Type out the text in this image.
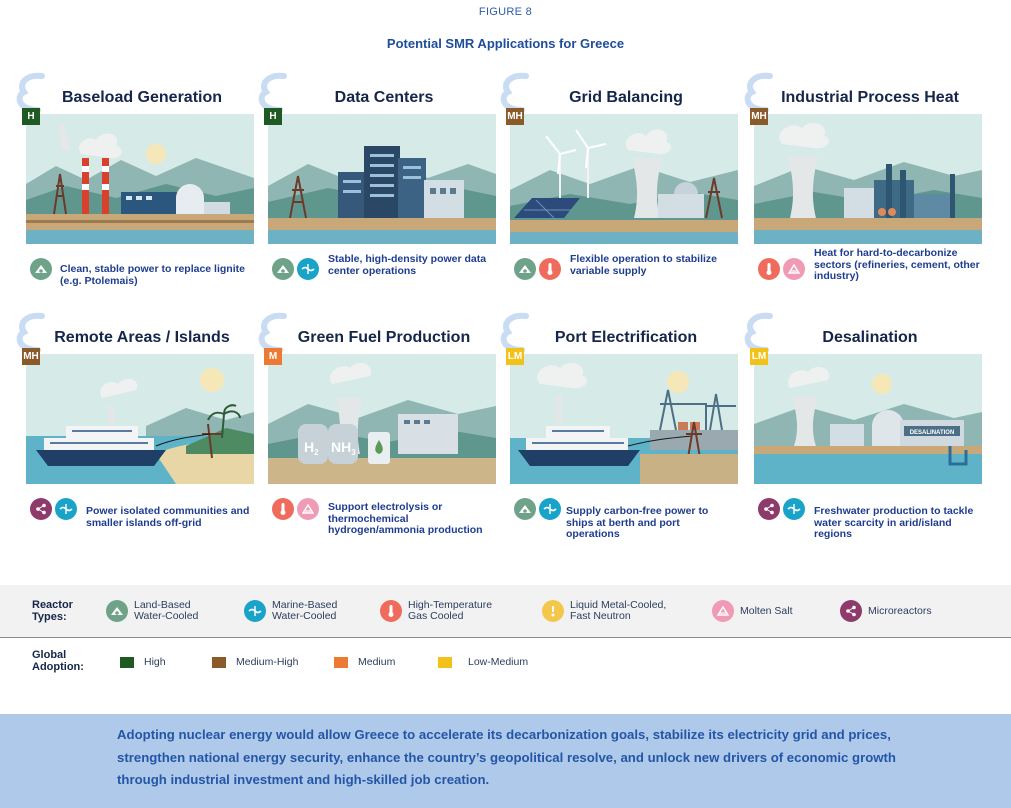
FIGURE 8
Potential SMR Applications for Greece
Baseload Generation
H
Clean, stable power to replace lignite (e.g. Ptolemais)
Data Centers
H
Stable, high-density power data center operations
Grid Balancing
MH
Flexible operation to stabilize variable supply
Industrial Process Heat
MH
Heat for hard-to-decarbonize sectors (refineries, cement, other industry)
Remote Areas / Islands
MH
Power isolated communities and smaller islands off-grid
Green Fuel Production
$H_2$ $NH_3$
M
Support electrolysis or thermochemical hydrogen/ammonia production
Port Electrification
LM
Supply carbon-free power to ships at berth and port operations
Desalination
DESALINATION
LM
Freshwater production to tackle water scarcity in arid/island regions
Reactor Types:
Land-Based
Water-Cooled
Marine-Based
Water-Cooled
High-Temperature
Gas Cooled
Liquid Metal-Cooled,
Fast Neutron	Molten Salt	Microreactors
Global Adoption:	High	Medium-High	Medium	Low-Medium

Adopting nuclear energy would allow Greece to accelerate its decarbonization goals, stabilize its electricity grid and prices, strengthen national energy security, enhance the country’s geopolitical resolve, and unlock new drivers of economic growth through industrial investment and high-skilled job creation.
